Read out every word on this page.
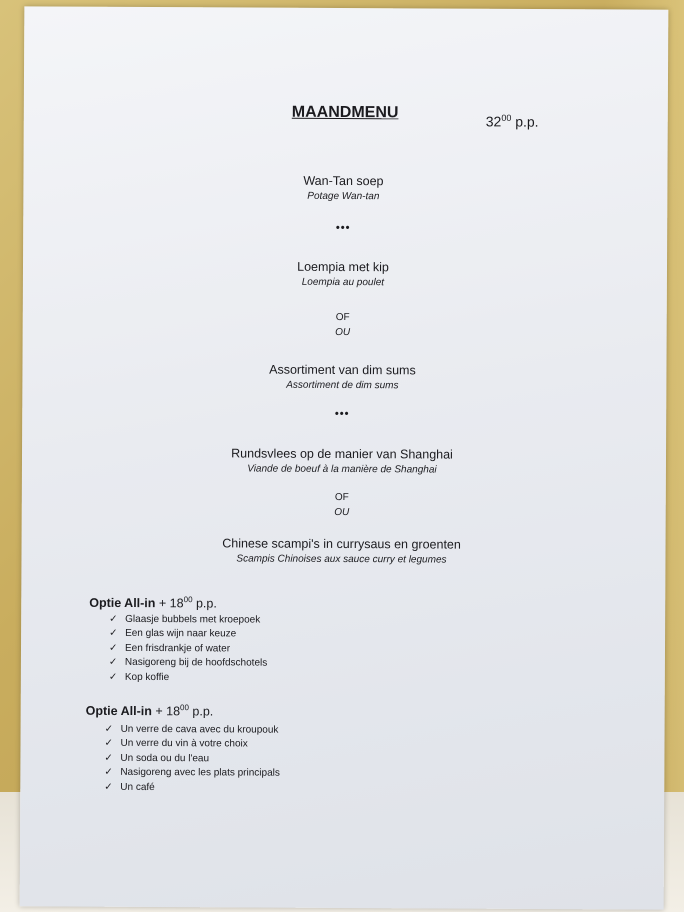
MAANDMENU
$32^{00}$ p.p.
Wan-Tan soep
Potage Wan-tan
•••
Loempia met kip
Loempia au poulet
OF
OU
Assortiment van dim sums
Assortiment de dim sums
•••
Rundsvlees op de manier van Shanghai
Viande de boeuf à la manière de Shanghai
OF
OU
Chinese scampi's in currysaus en groenten
Scampis Chinoises aux sauce curry et legumes
Optie $All-in + 18^{00}$ p.p.
✓ Glaasje bubbels met kroepoek
✓ Een glas wijn naar keuze
✓ Een frisdrankje of water
✓ Nasigoreng bij de hoofdschotels
✓ Kop koffie
Optie $All-in + 18^{00}$ p.p.
✓ Un verre de cava avec du kroupouk
✓ Un verre du vin à votre choix
✓ Un soda ou du l'eau
✓ Nasigoreng avec les plats principals
✓ Un café
